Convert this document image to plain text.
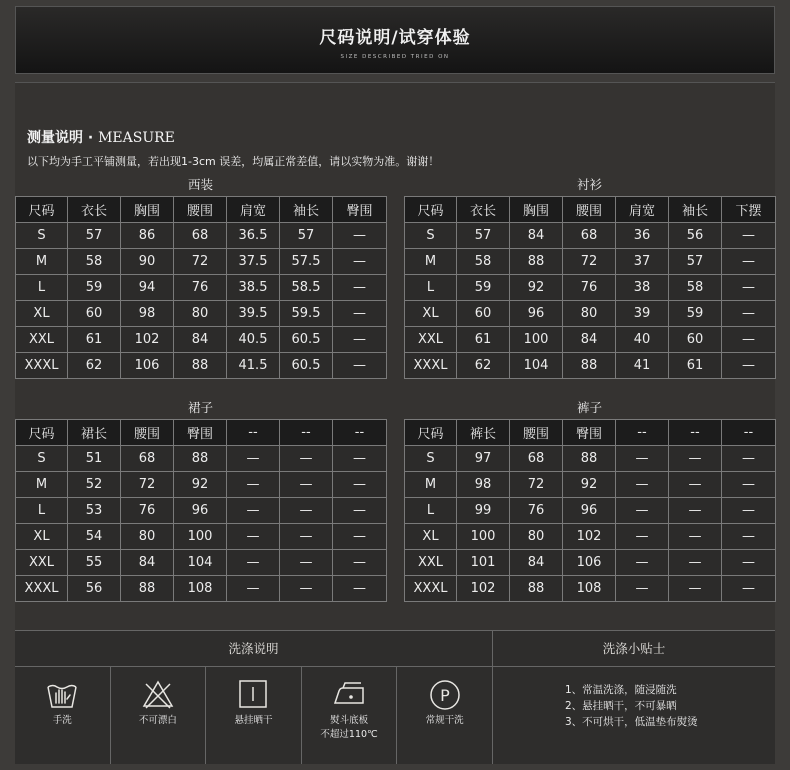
尺码说明/试穿体验
SIZE DESCRIBED TRIED ON
测量说明 · MEASURE
以下均为手工平铺测量，若出现1-3cm 误差，均属正常差值，请以实物为准。谢谢！
西装	衬衫
裙子	裤子
尺码	衣长	胸围	腰围	肩宽	袖长	臀围
S	57	86	68	36.5	57	—
M	58	90	72	37.5	57.5	—
L	59	94	76	38.5	58.5	—
XL	60	98	80	39.5	59.5	—
XXL	61	102	84	40.5	60.5	—
XXXL	62	106	88	41.5	60.5	—
尺码	衣长	胸围	腰围	肩宽	袖长	下摆
S	57	84	68	36	56	—
M	58	88	72	37	57	—
L	59	92	76	38	58	—
XL	60	96	80	39	59	—
XXL	61	100	84	40	60	—
XXXL	62	104	88	41	61	—
尺码	裙长	腰围	臀围	--	--	--
S	51	68	88	—	—	—
M	52	72	92	—	—	—
L	53	76	96	—	—	—
XL	54	80	100	—	—	—
XXL	55	84	104	—	—	—
XXXL	56	88	108	—	—	—
尺码	裤长	腰围	臀围	--	--	--
S	97	68	88	—	—	—
M	98	72	92	—	—	—
L	99	76	96	—	—	—
XL	100	80	102	—	—	—
XXL	101	84	106	—	—	—
XXXL	102	88	108	—	—	—
洗涤说明	洗涤小贴士
手洗	不可漂白	悬挂晒干	熨斗底板
不超过110℃
P
常规干洗
1、常温洗涤，随浸随洗
2、悬挂晒干，不可暴晒
3、不可烘干，低温垫布熨烫
